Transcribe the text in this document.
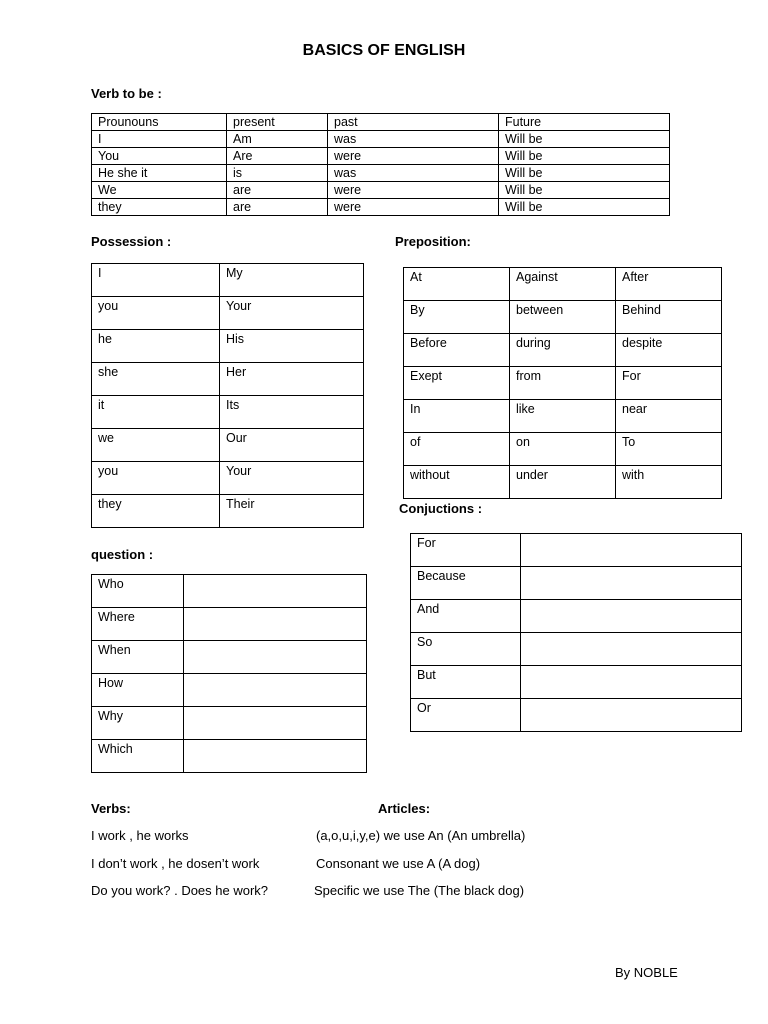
BASICS OF ENGLISH
Verb to be :
Prounouns	present	past	Future
I	Am	was	Will be
You	Are	were	Will be
He she it	is	was	Will be
We	are	were	Will be
they	are	were	Will be
Possession :
I	My
you	Your
he	His
she	Her
it	Its
we	Our
you	Your
they	Their
Preposition:
At	Against	After
By	between	Behind
Before	during	despite
Exept	from	For
In	like	near
of	on	To
without	under	with
Conjuctions :
For	
Because	
And	
So	
But	
Or	
question :
Who	
Where	
When	
How	
Why	
Which	
Verbs:
I work , he works
I don’t work , he dosen’t work
Do you work? . Does he work?
Articles:
(a,o,u,i,y,e) we use An (An umbrella)
Consonant we use A (A dog)
Specific we use The (The black dog)
By NOBLE
